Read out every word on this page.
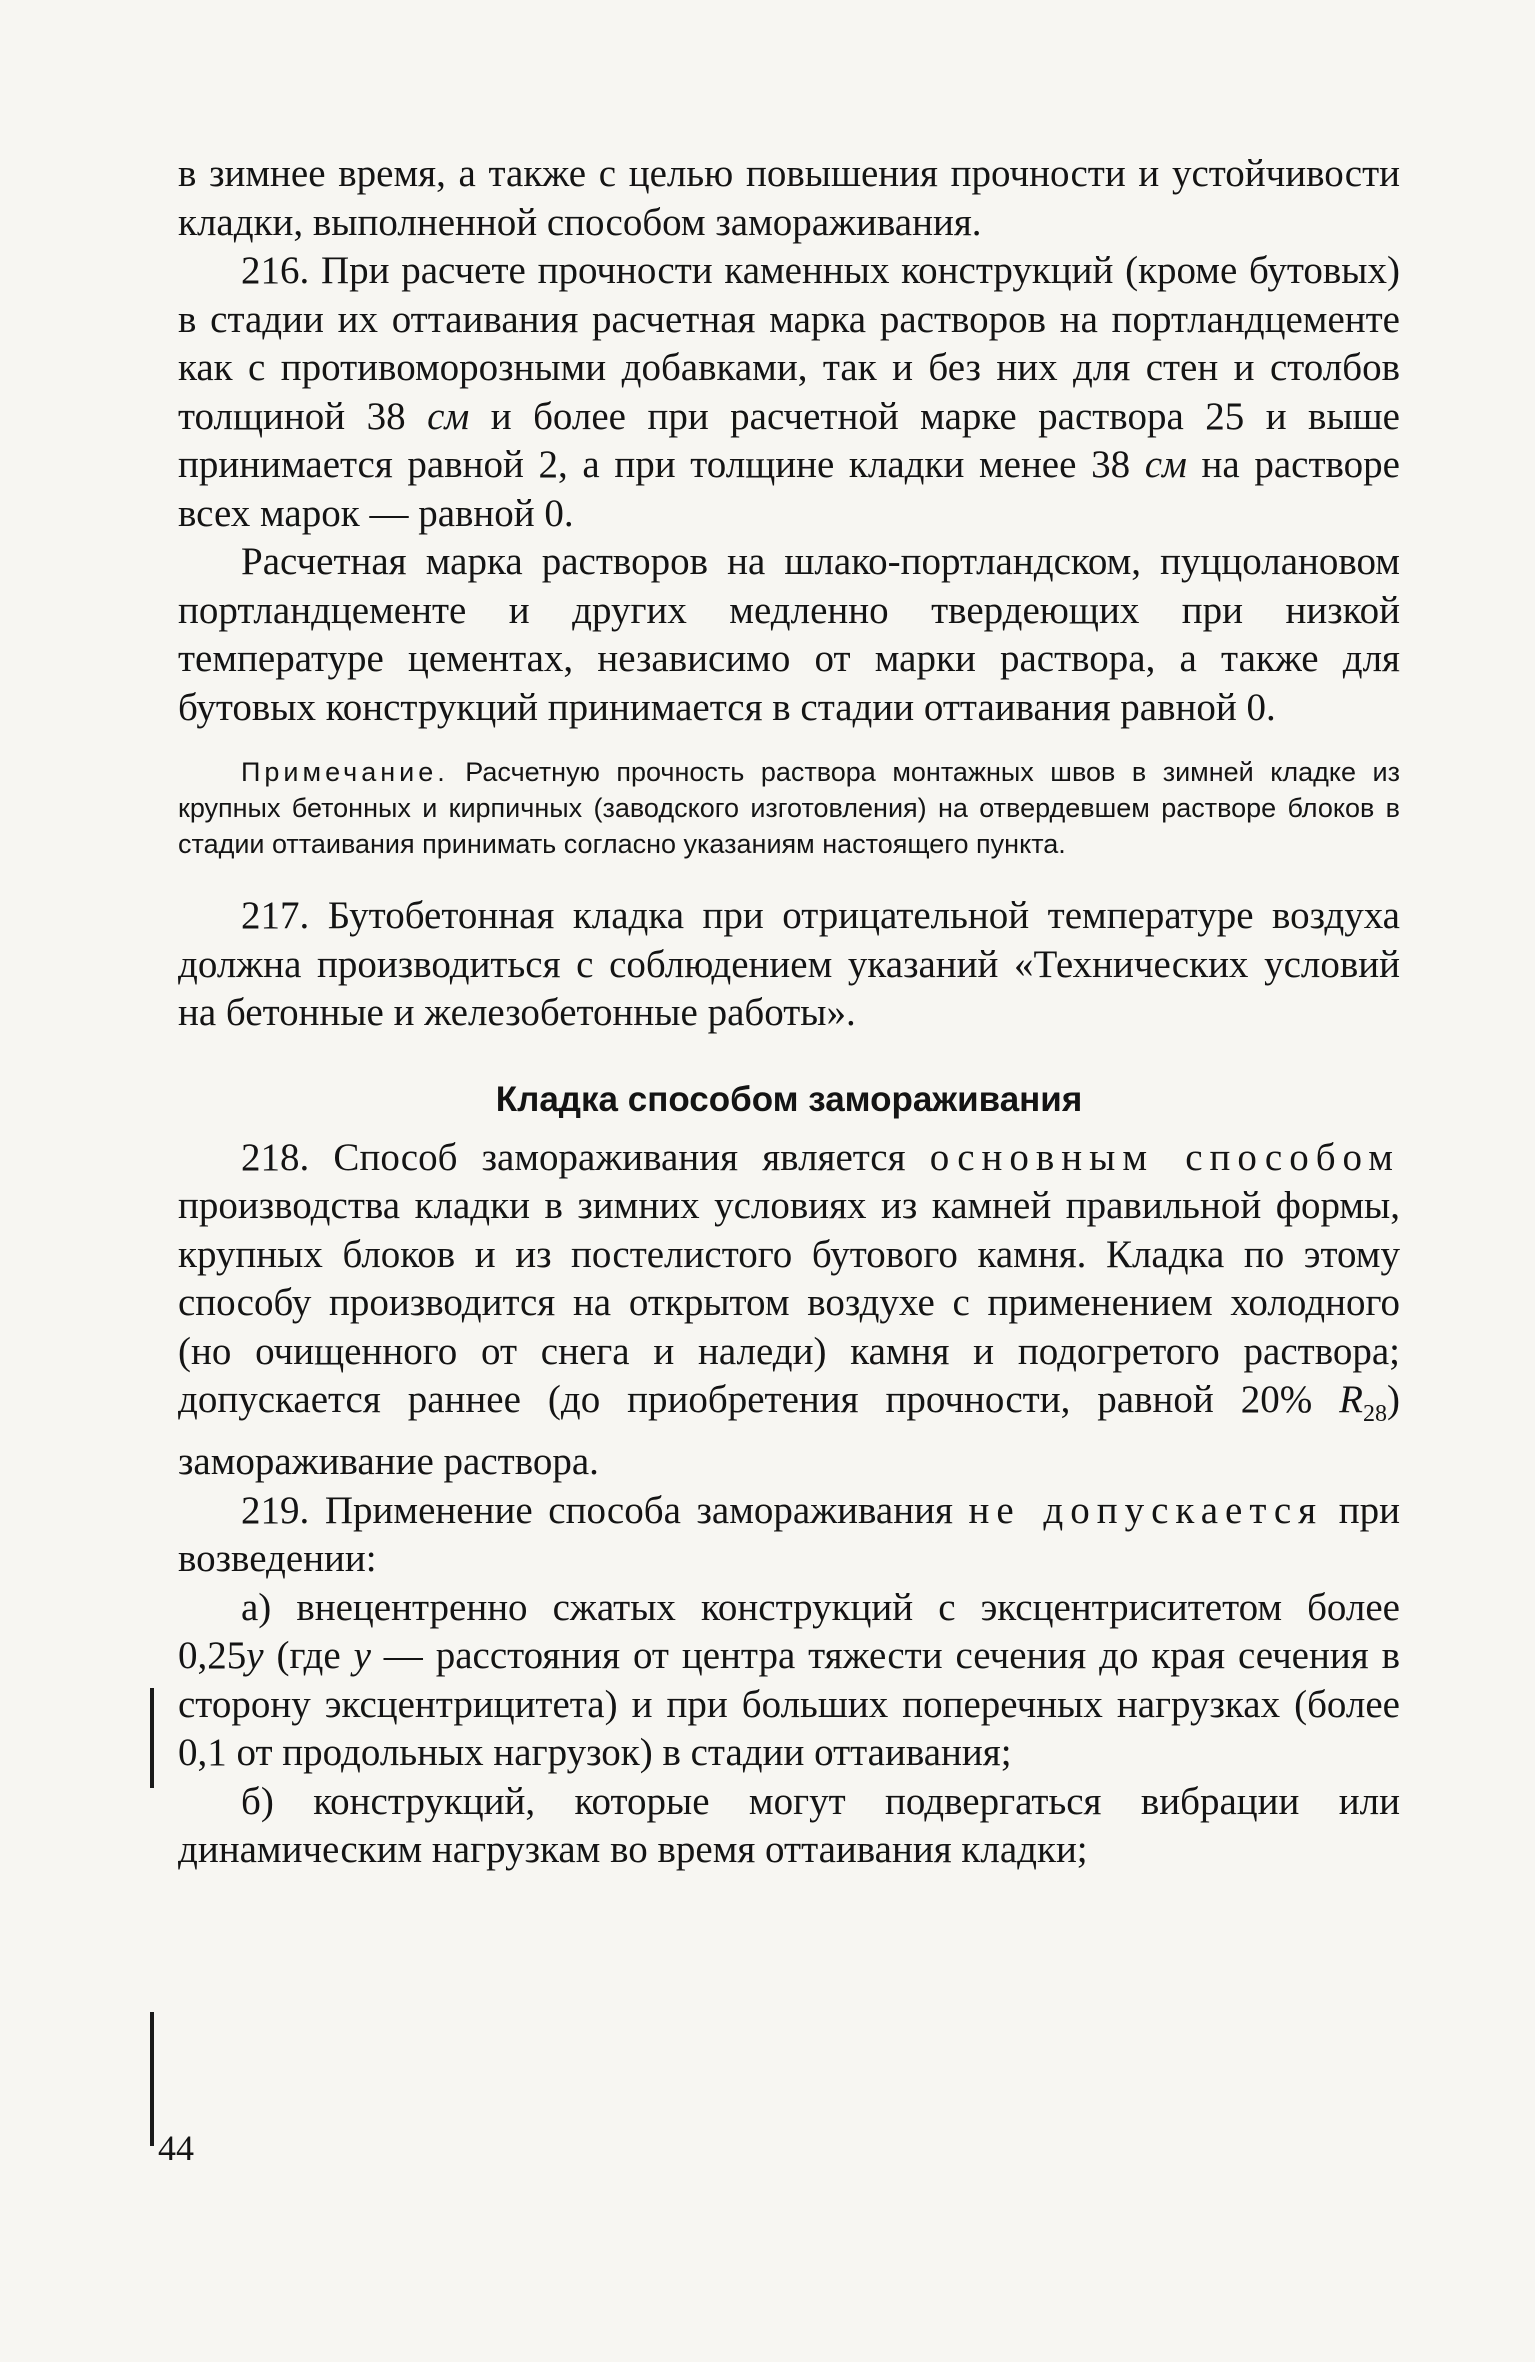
в зимнее время, а также с целью повышения прочности и устойчивости кладки, выполненной способом замораживания.

216. При расчете прочности каменных конструкций (кроме бутовых) в стадии их оттаивания расчетная марка растворов на портландцементе как с противоморозными добавками, так и без них для стен и столбов толщиной 38 см и более при расчетной марке раствора 25 и выше принимается равной 2, а при толщине кладки менее 38 см на растворе всех марок — равной 0.

Расчетная марка растворов на шлако-портландском, пуццолановом портландцементе и других медленно твердеющих при низкой температуре цементах, независимо от марки раствора, а также для бутовых конструкций принимается в стадии оттаивания равной 0.

Примечание. Расчетную прочность раствора монтажных швов в зимней кладке из крупных бетонных и кирпичных (заводского изготовления) на отвердевшем растворе блоков в стадии оттаивания принимать согласно указаниям настоящего пункта.

217. Бутобетонная кладка при отрицательной температуре воздуха должна производиться с соблюдением указаний «Технических условий на бетонные и железобетонные работы».

Кладка способом замораживания

218. Способ замораживания является основным способом производства кладки в зимних условиях из камней правильной формы, крупных блоков и из постелистого бутового камня. Кладка по этому способу производится на открытом воздухе с применением холодного (но очищенного от снега и наледи) камня и подогретого раствора; допускается раннее (до приобретения прочности, равной 20% $R_{28}$) замораживание раствора.

219. Применение способа замораживания не допускается при возведении:

а) внецентренно сжатых конструкций с эксцентриситетом более 0,25y (где y — расстояния от центра тяжести сечения до края сечения в сторону эксцентрицитета) и при больших поперечных нагрузках (более 0,1 от продольных нагрузок) в стадии оттаивания;

б) конструкций, которые могут подвергаться вибрации или динамическим нагрузкам во время оттаивания кладки;

44
